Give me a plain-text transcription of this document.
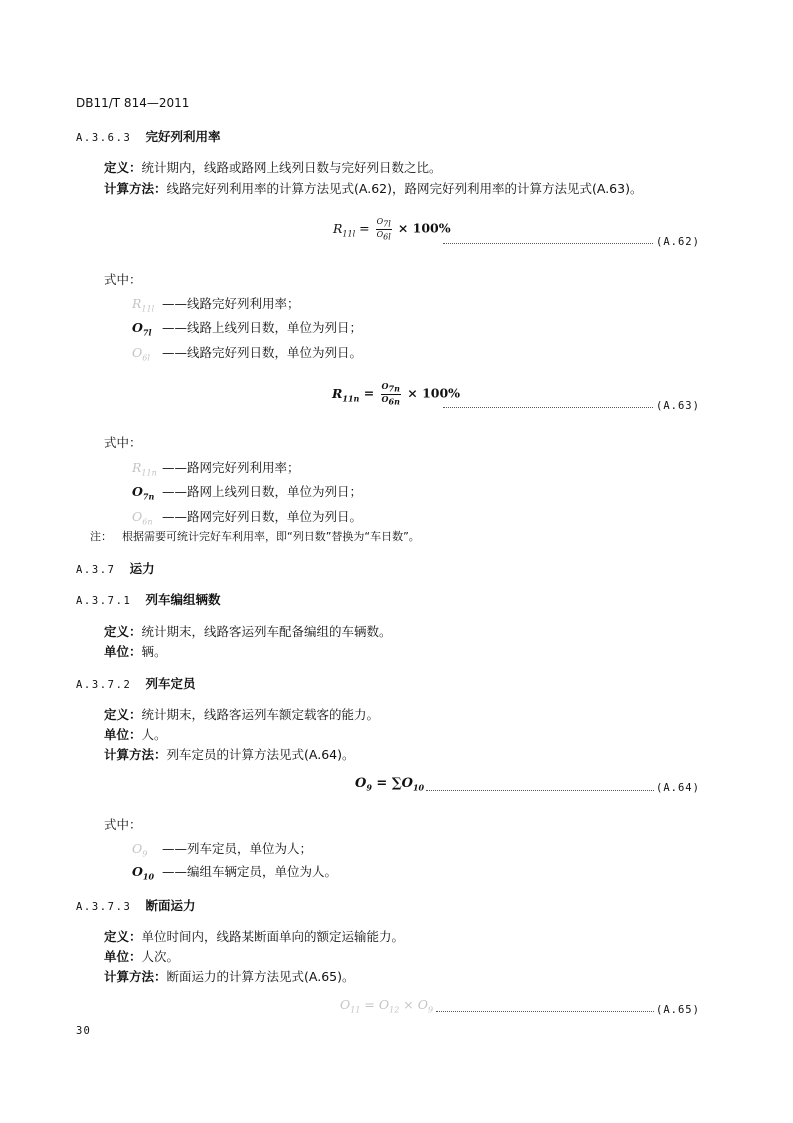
DB11/T 814—2011
A.3.6.3 完好列利用率
定义：统计期内，线路或路网上线列日数与完好列日数之比。
计算方法：线路完好列利用率的计算方法见式(A.62)，路网完好列利用率的计算方法见式(A.63)。
$R_{11l} = \frac{O_{7l}}{O_{6l}} \times 100\%$
(A.62)
式中：
$R_{11l}$ ——线路完好列利用率；
$O_{7l}$ ——线路上线列日数，单位为列日；
$O_{6l}$ ——线路完好列日数，单位为列日。
$R_{11n} = \frac{O_{7n}}{O_{6n}} \times 100\%$
(A.63)
式中：
$R_{11n}$ ——路网完好列利用率；
$O_{7n}$ ——路网上线列日数，单位为列日；
$O_{6n}$ ——路网完好列日数，单位为列日。
注： 根据需要可统计完好车利用率，即“列日数”替换为“车日数”。
A.3.7 运力
A.3.7.1 列车编组辆数
定义：统计期末，线路客运列车配备编组的车辆数。
单位：辆。
A.3.7.2 列车定员
定义：统计期末，线路客运列车额定载客的能力。
单位：人。
计算方法：列车定员的计算方法见式(A.64)。
$O_9 = \sum O_{10}$	(A.64)
式中：
$O_9$ ——列车定员，单位为人；
$O_{10}$ ——编组车辆定员，单位为人。
A.3.7.3 断面运力
定义：单位时间内，线路某断面单向的额定运输能力。
单位：人次。
计算方法：断面运力的计算方法见式(A.65)。
$O_{11} = O_{12} \times O_9$	(A.65)
30
